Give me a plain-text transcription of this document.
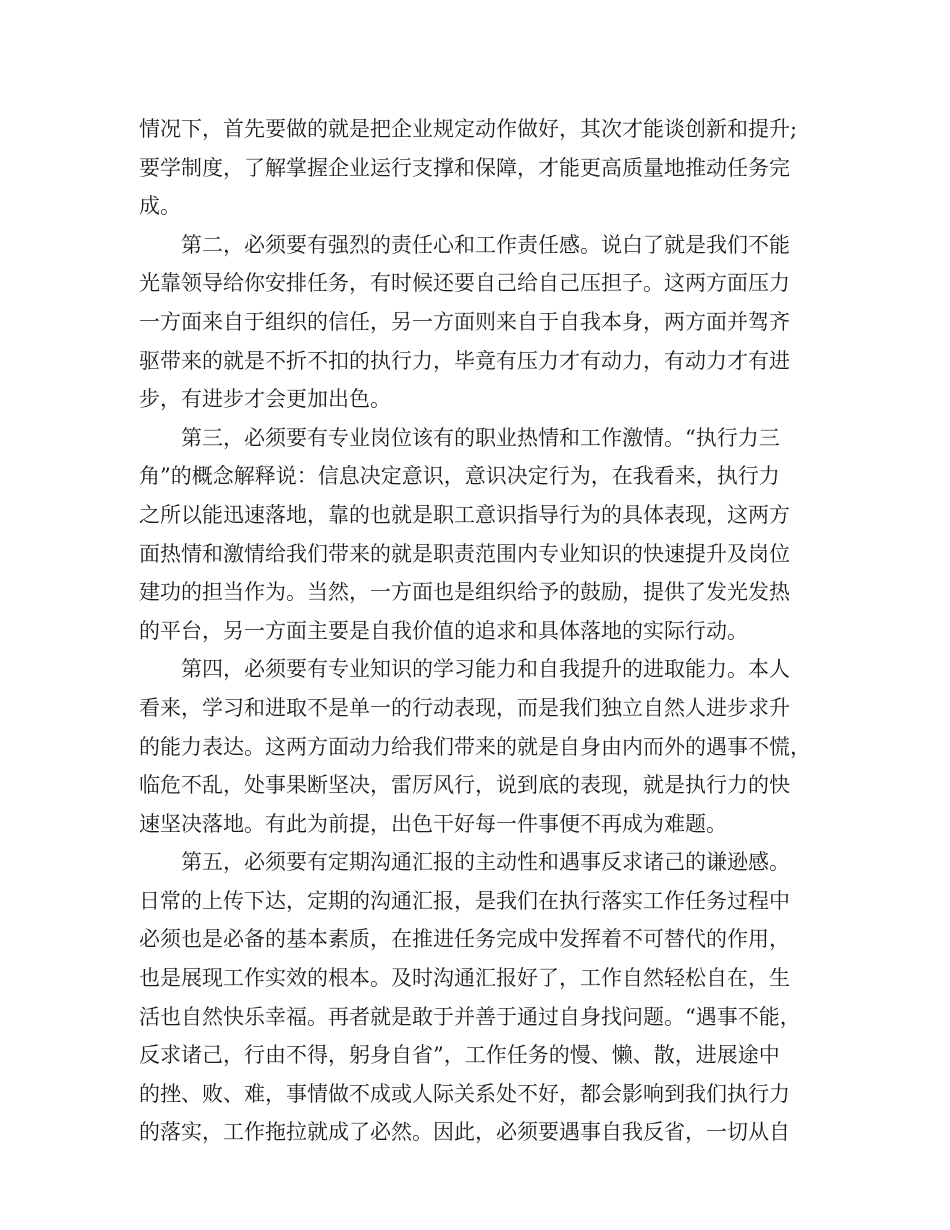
情况下，首先要做的就是把企业规定动作做好，其次才能谈创新和提升;
要学制度，了解掌握企业运行支撑和保障，才能更高质量地推动任务完
成。
第二，必须要有强烈的责任心和工作责任感。说白了就是我们不能
光靠领导给你安排任务，有时候还要自己给自己压担子。这两方面压力
一方面来自于组织的信任，另一方面则来自于自我本身，两方面并驾齐
驱带来的就是不折不扣的执行力，毕竟有压力才有动力，有动力才有进
步，有进步才会更加出色。
第三，必须要有专业岗位该有的职业热情和工作激情。“执行力三
角”的概念解释说：信息决定意识，意识决定行为，在我看来，执行力
之所以能迅速落地，靠的也就是职工意识指导行为的具体表现，这两方
面热情和激情给我们带来的就是职责范围内专业知识的快速提升及岗位
建功的担当作为。当然，一方面也是组织给予的鼓励，提供了发光发热
的平台，另一方面主要是自我价值的追求和具体落地的实际行动。
第四，必须要有专业知识的学习能力和自我提升的进取能力。本人
看来，学习和进取不是单一的行动表现，而是我们独立自然人进步求升
的能力表达。这两方面动力给我们带来的就是自身由内而外的遇事不慌，
临危不乱，处事果断坚决，雷厉风行，说到底的表现，就是执行力的快
速坚决落地。有此为前提，出色干好每一件事便不再成为难题。
第五，必须要有定期沟通汇报的主动性和遇事反求诸己的谦逊感。
日常的上传下达，定期的沟通汇报，是我们在执行落实工作任务过程中
必须也是必备的基本素质，在推进任务完成中发挥着不可替代的作用，
也是展现工作实效的根本。及时沟通汇报好了，工作自然轻松自在，生
活也自然快乐幸福。再者就是敢于并善于通过自身找问题。“遇事不能，
反求诸己，行由不得，躬身自省”，工作任务的慢、懒、散，进展途中
的挫、败、难，事情做不成或人际关系处不好，都会影响到我们执行力
的落实，工作拖拉就成了必然。因此，必须要遇事自我反省，一切从自
